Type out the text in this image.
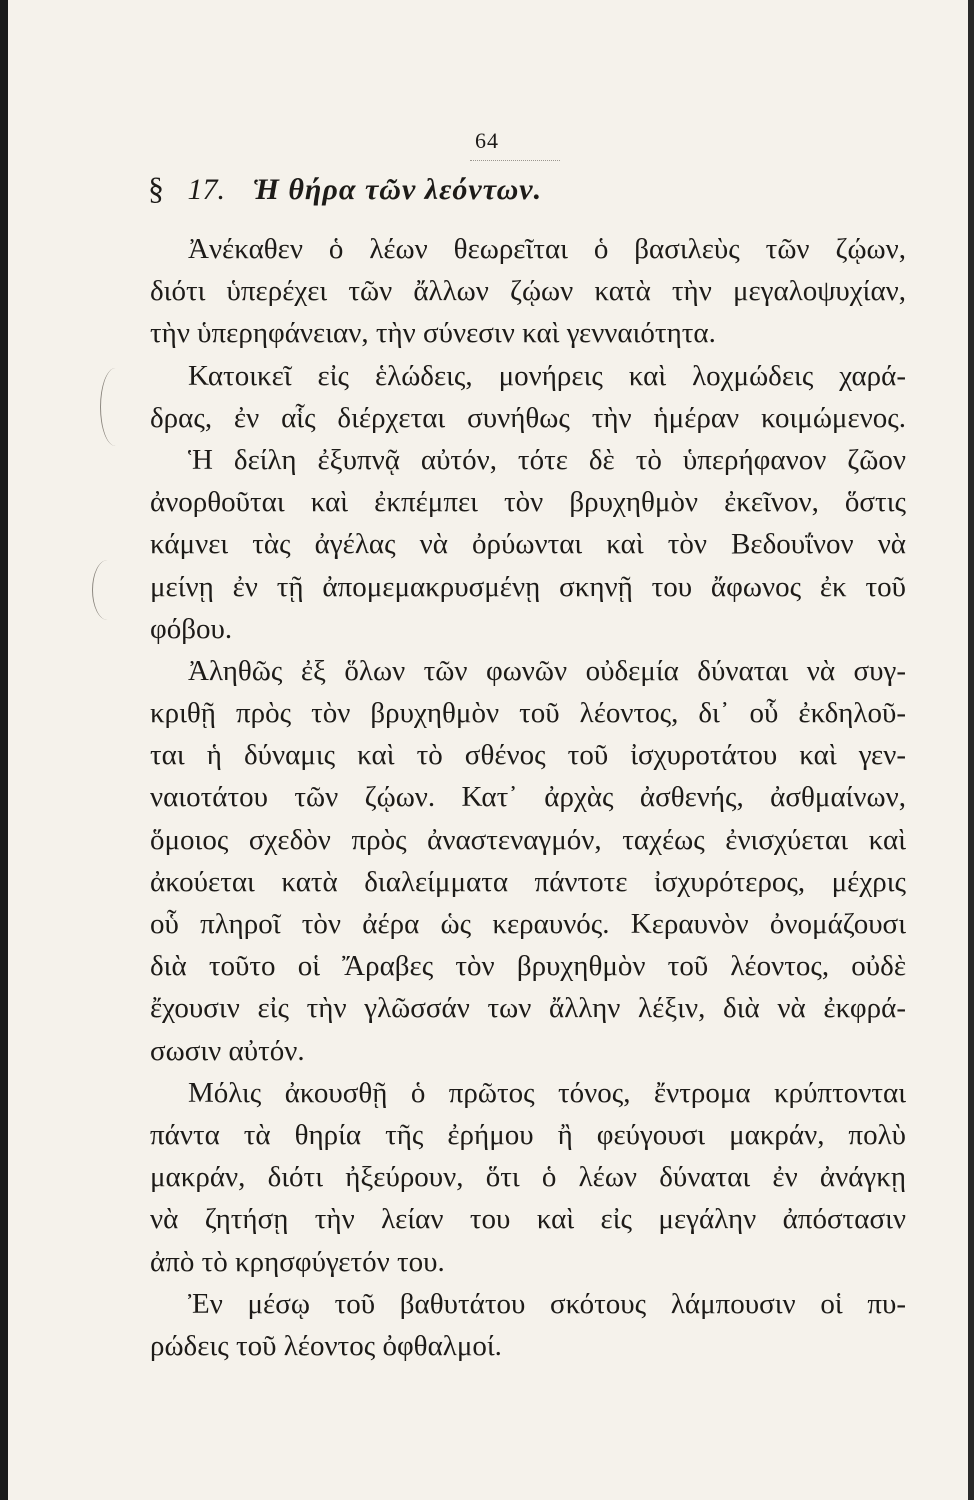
64
§ 17. Ἡ θήρα τῶν λεόντων.
Ἀνέκαθεν ὁ λέων θεωρεῖται ὁ βασιλεὺς τῶν ζῴων,
διότι ὑπερέχει τῶν ἄλλων ζῴων κατὰ τὴν μεγαλοψυχίαν,
τὴν ὑπερηφάνειαν, τὴν σύνεσιν καὶ γενναιότητα.
Κατοικεῖ εἰς ἑλώδεις, μονήρεις καὶ λοχμώδεις χαρά-
δρας, ἐν αἷς διέρχεται συνήθως τὴν ἡμέραν κοιμώμενος.
Ἡ δείλη ἐξυπνᾷ αὐτόν, τότε δὲ τὸ ὑπερήφανον ζῶον
ἀνορθοῦται καὶ ἐκπέμπει τὸν βρυχηθμὸν ἐκεῖνον, ὅστις
κάμνει τὰς ἀγέλας νὰ ὀρύωνται καὶ τὸν Βεδουΐνον νὰ
μείνῃ ἐν τῇ ἀπομεμακρυσμένῃ σκηνῇ του ἄφωνος ἐκ τοῦ
φόβου.
Ἀληθῶς ἐξ ὅλων τῶν φωνῶν οὐδεμία δύναται νὰ συγ-
κριθῇ πρὸς τὸν βρυχηθμὸν τοῦ λέοντος, δι᾽ οὗ ἐκδηλοῦ-
ται ἡ δύναμις καὶ τὸ σθένος τοῦ ἰσχυροτάτου καὶ γεν-
ναιοτάτου τῶν ζῴων. Κατ᾽ ἀρχὰς ἀσθενής, ἀσθμαίνων,
ὅμοιος σχεδὸν πρὸς ἀναστεναγμόν, ταχέως ἐνισχύεται καὶ
ἀκούεται κατὰ διαλείμματα πάντοτε ἰσχυρότερος, μέχρις
οὗ πληροῖ τὸν ἀέρα ὡς κεραυνός. Κεραυνὸν ὀνομάζουσι
διὰ τοῦτο οἱ Ἄραβες τὸν βρυχηθμὸν τοῦ λέοντος, οὐδὲ
ἔχουσιν εἰς τὴν γλῶσσάν των ἄλλην λέξιν, διὰ νὰ ἐκφρά-
σωσιν αὐτόν.
Μόλις ἀκουσθῇ ὁ πρῶτος τόνος, ἔντρομα κρύπτονται
πάντα τὰ θηρία τῆς ἐρήμου ἢ φεύγουσι μακράν, πολὺ
μακράν, διότι ἠξεύρουν, ὅτι ὁ λέων δύναται ἐν ἀνάγκῃ
νὰ ζητήσῃ τὴν λείαν του καὶ εἰς μεγάλην ἀπόστασιν
ἀπὸ τὸ κρησφύγετόν του.
Ἐν μέσῳ τοῦ βαθυτάτου σκότους λάμπουσιν οἱ πυ-
ρώδεις τοῦ λέοντος ὀφθαλμοί.
